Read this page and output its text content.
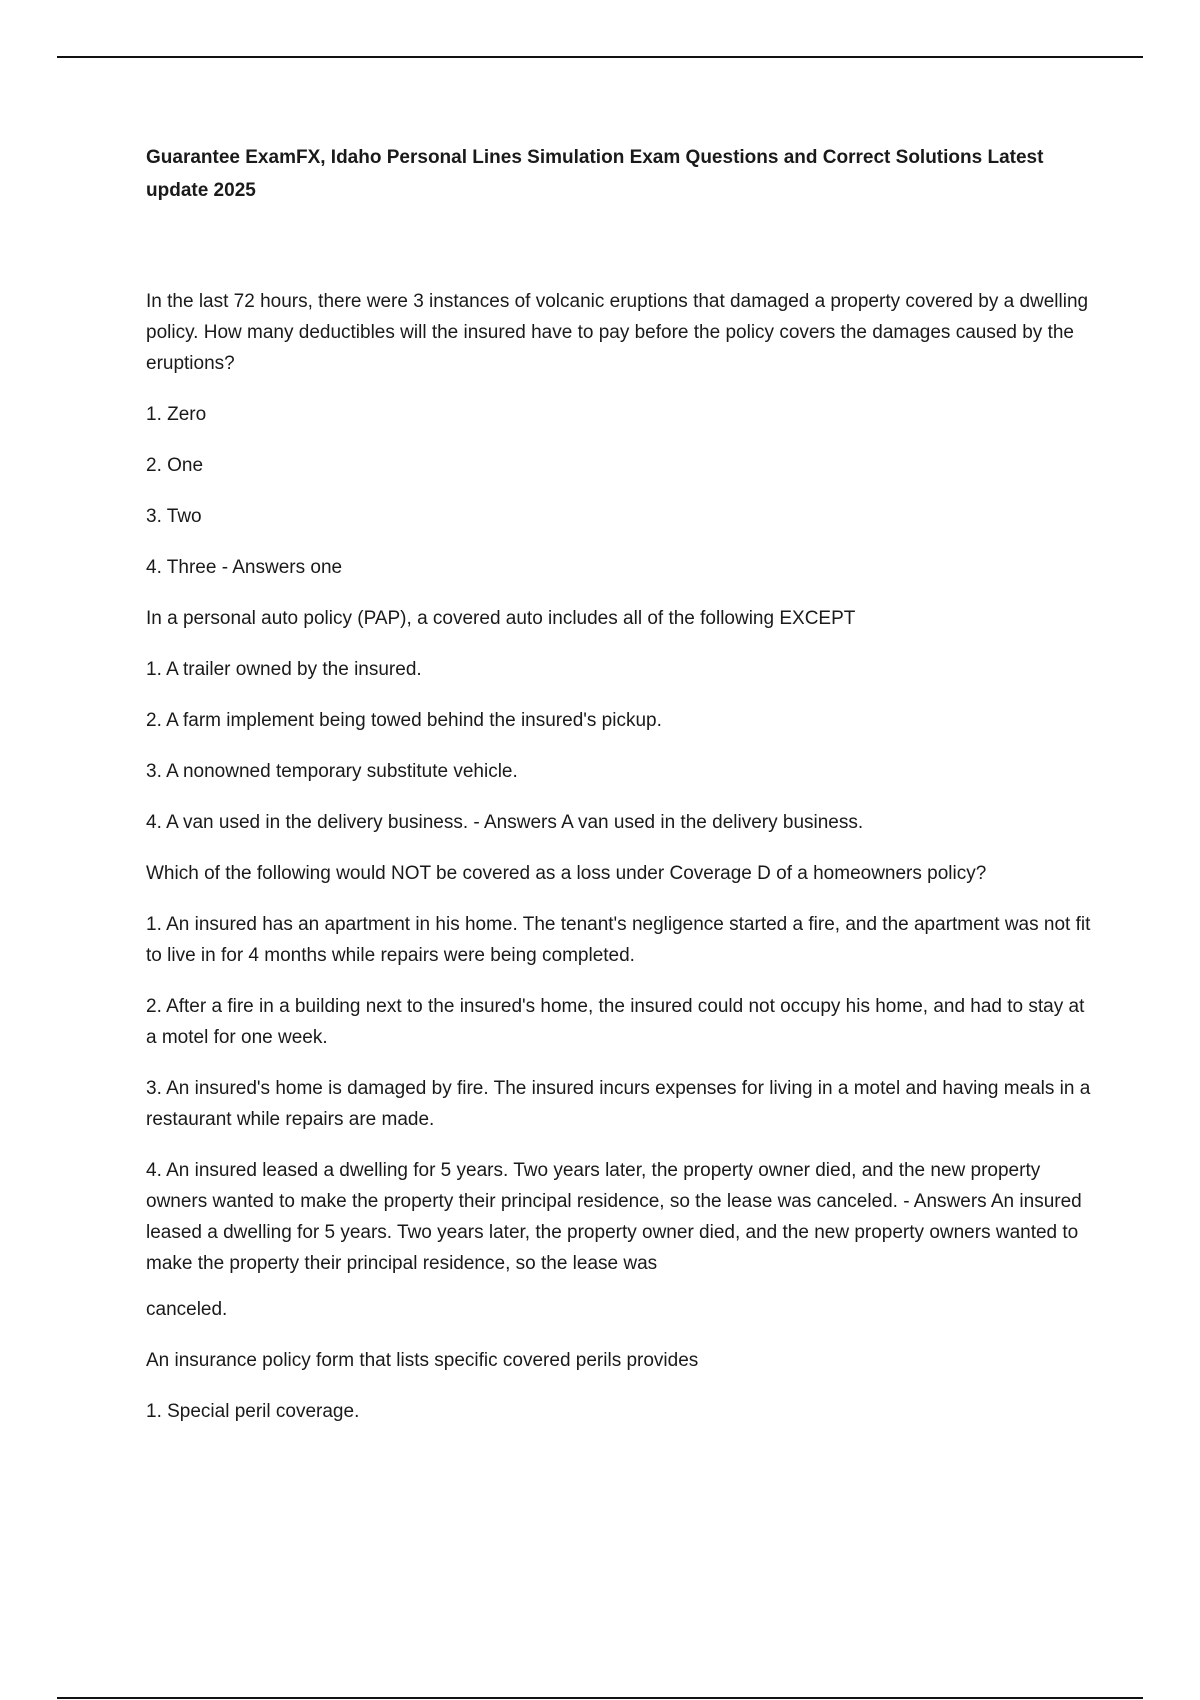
Guarantee ExamFX, Idaho Personal Lines Simulation Exam Questions and Correct Solutions Latest update 2025
In the last 72 hours, there were 3 instances of volcanic eruptions that damaged a property covered by a dwelling policy. How many deductibles will the insured have to pay before the policy covers the damages caused by the eruptions?
1. Zero
2. One
3. Two
4. Three - Answers one
In a personal auto policy (PAP), a covered auto includes all of the following EXCEPT
1. A trailer owned by the insured.
2. A farm implement being towed behind the insured's pickup.
3. A nonowned temporary substitute vehicle.
4. A van used in the delivery business. - Answers A van used in the delivery business.
Which of the following would NOT be covered as a loss under Coverage D of a homeowners policy?
1. An insured has an apartment in his home. The tenant's negligence started a fire, and the apartment was not fit to live in for 4 months while repairs were being completed.
2. After a fire in a building next to the insured's home, the insured could not occupy his home, and had to stay at a motel for one week.
3. An insured's home is damaged by fire. The insured incurs expenses for living in a motel and having meals in a restaurant while repairs are made.
4. An insured leased a dwelling for 5 years. Two years later, the property owner died, and the new property owners wanted to make the property their principal residence, so the lease was canceled. - Answers An insured leased a dwelling for 5 years. Two years later, the property owner died, and the new property owners wanted to make the property their principal residence, so the lease was
canceled.
An insurance policy form that lists specific covered perils provides
1. Special peril coverage.
